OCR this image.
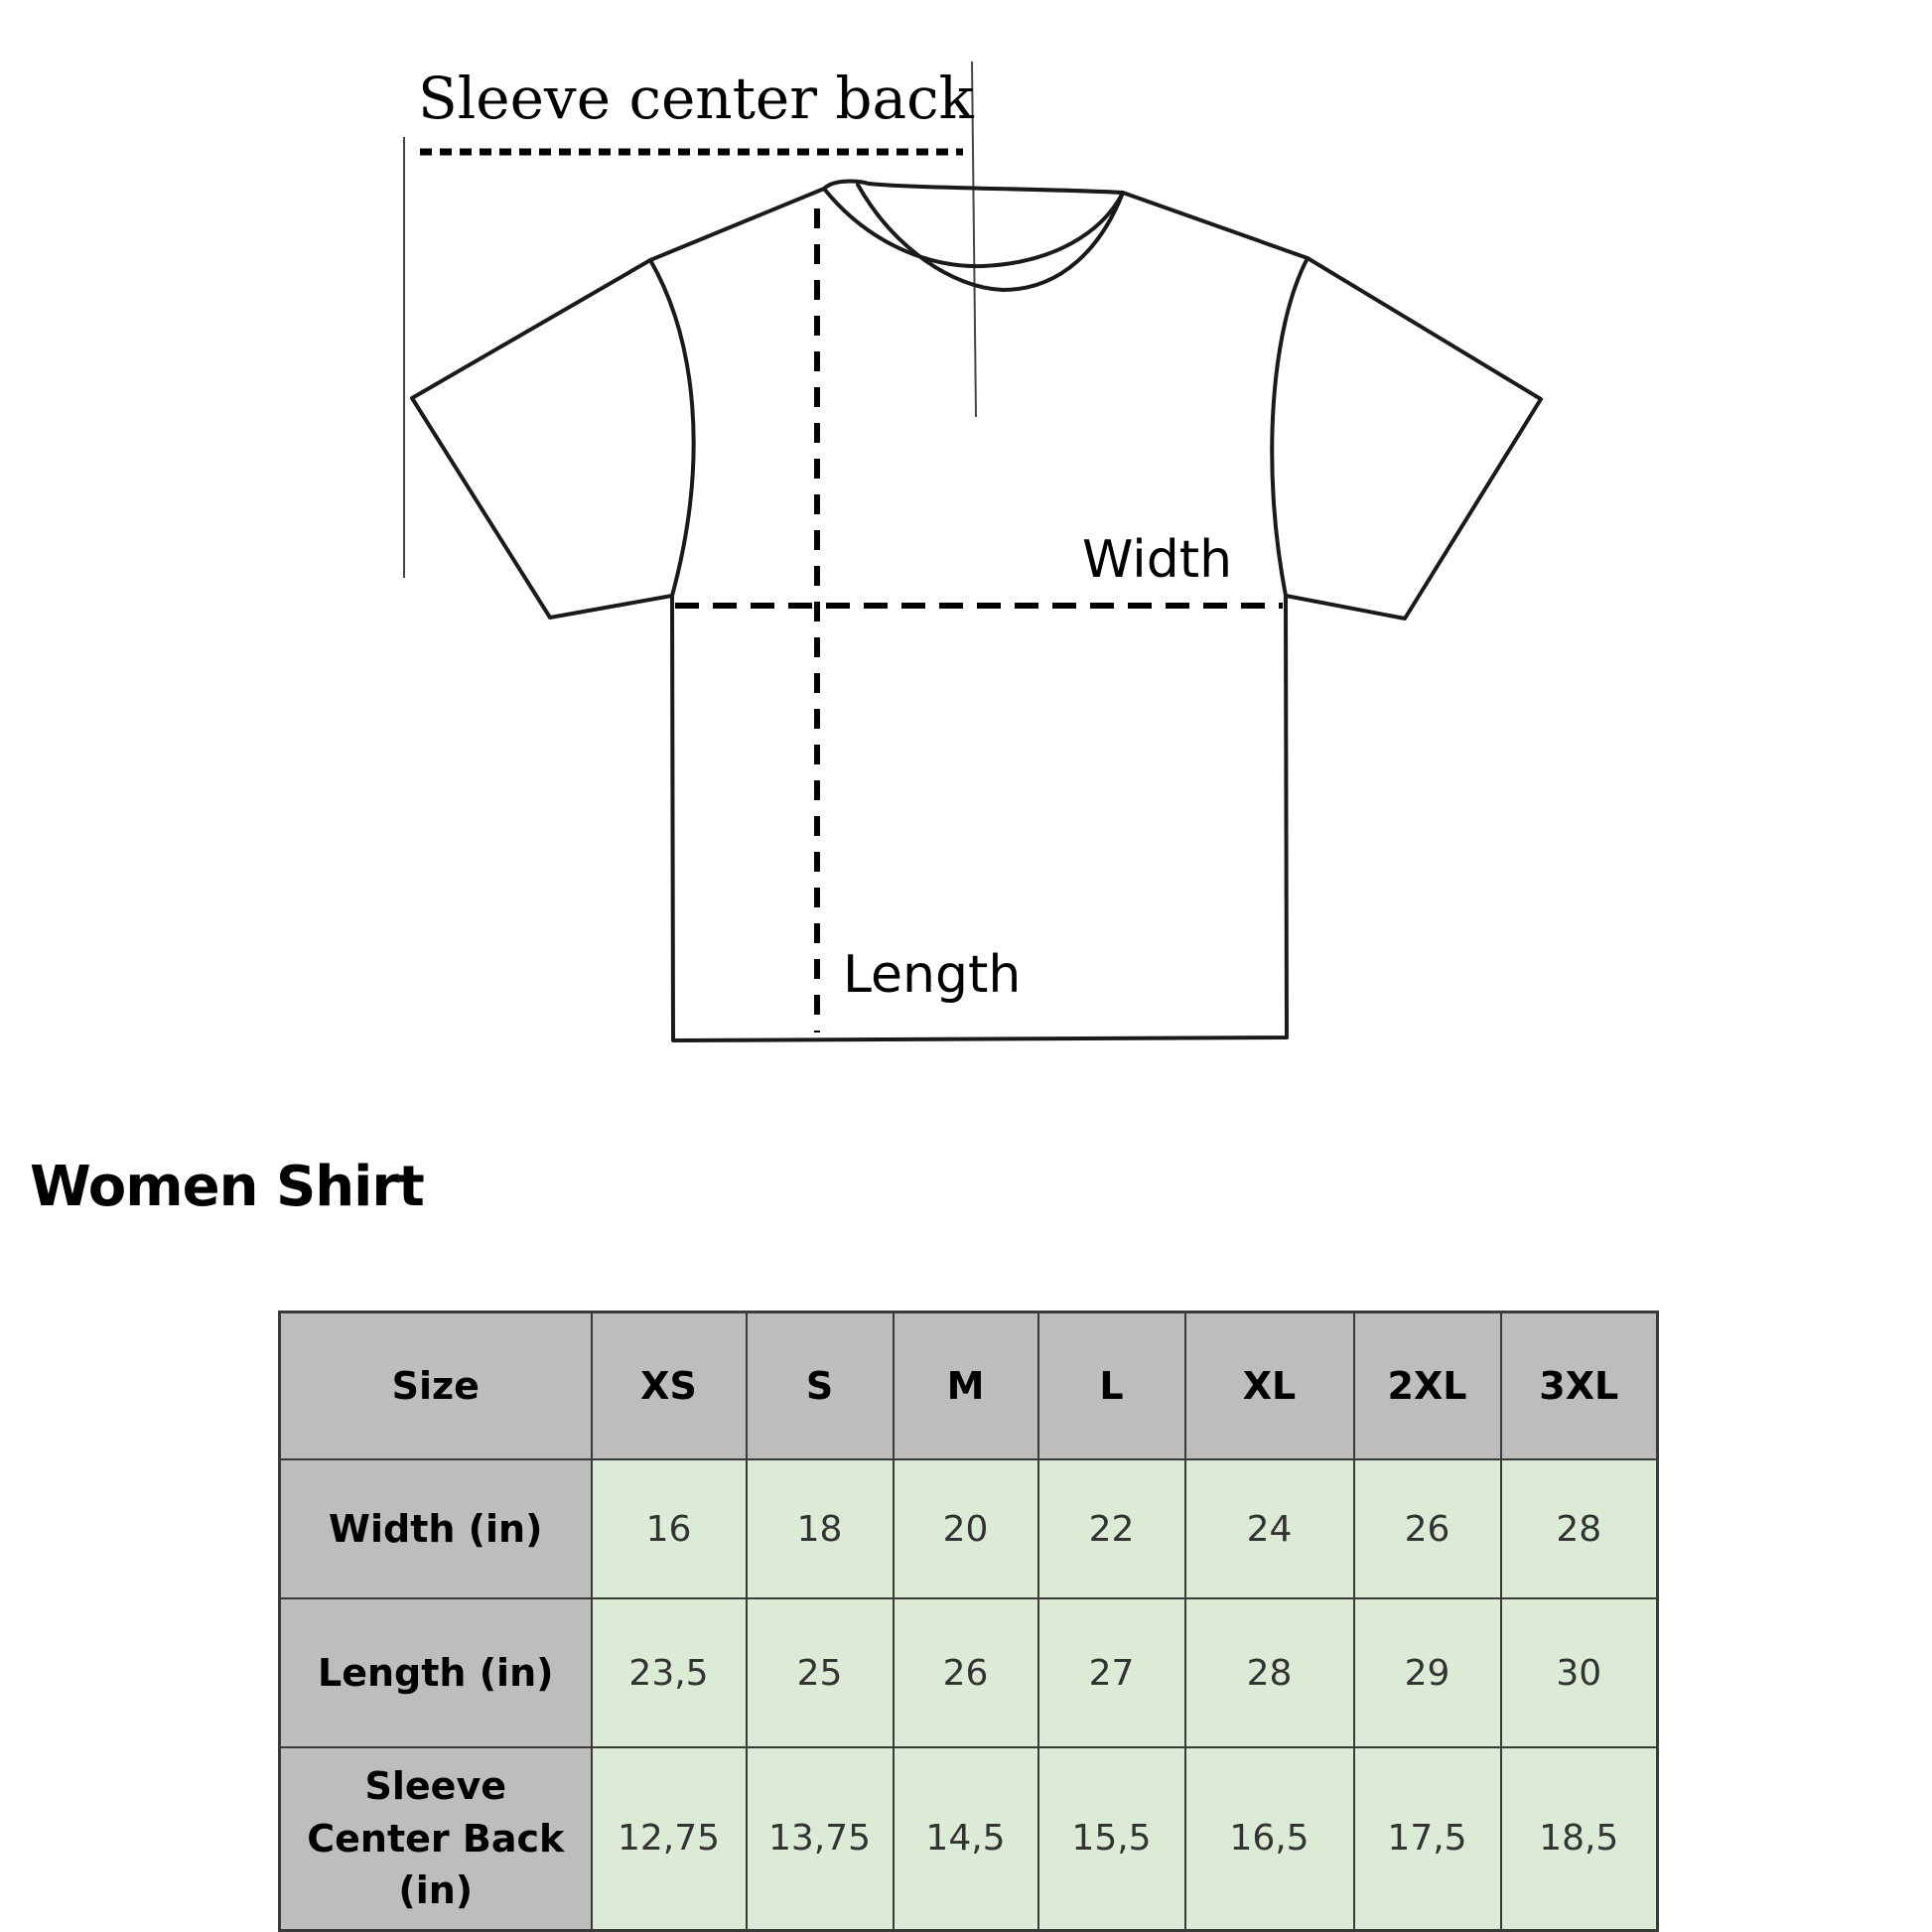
Sleeve center back
Width
Length
Women Shirt
Size	XS	S	M	L	XL	2XL	3XL
Width (in)	16	18	20	22	24	26	28
Length (in)	23,5	25	26	27	28	29	30
Sleeve Center Back (in)	12,75	13,75	14,5	15,5	16,5	17,5	18,5
